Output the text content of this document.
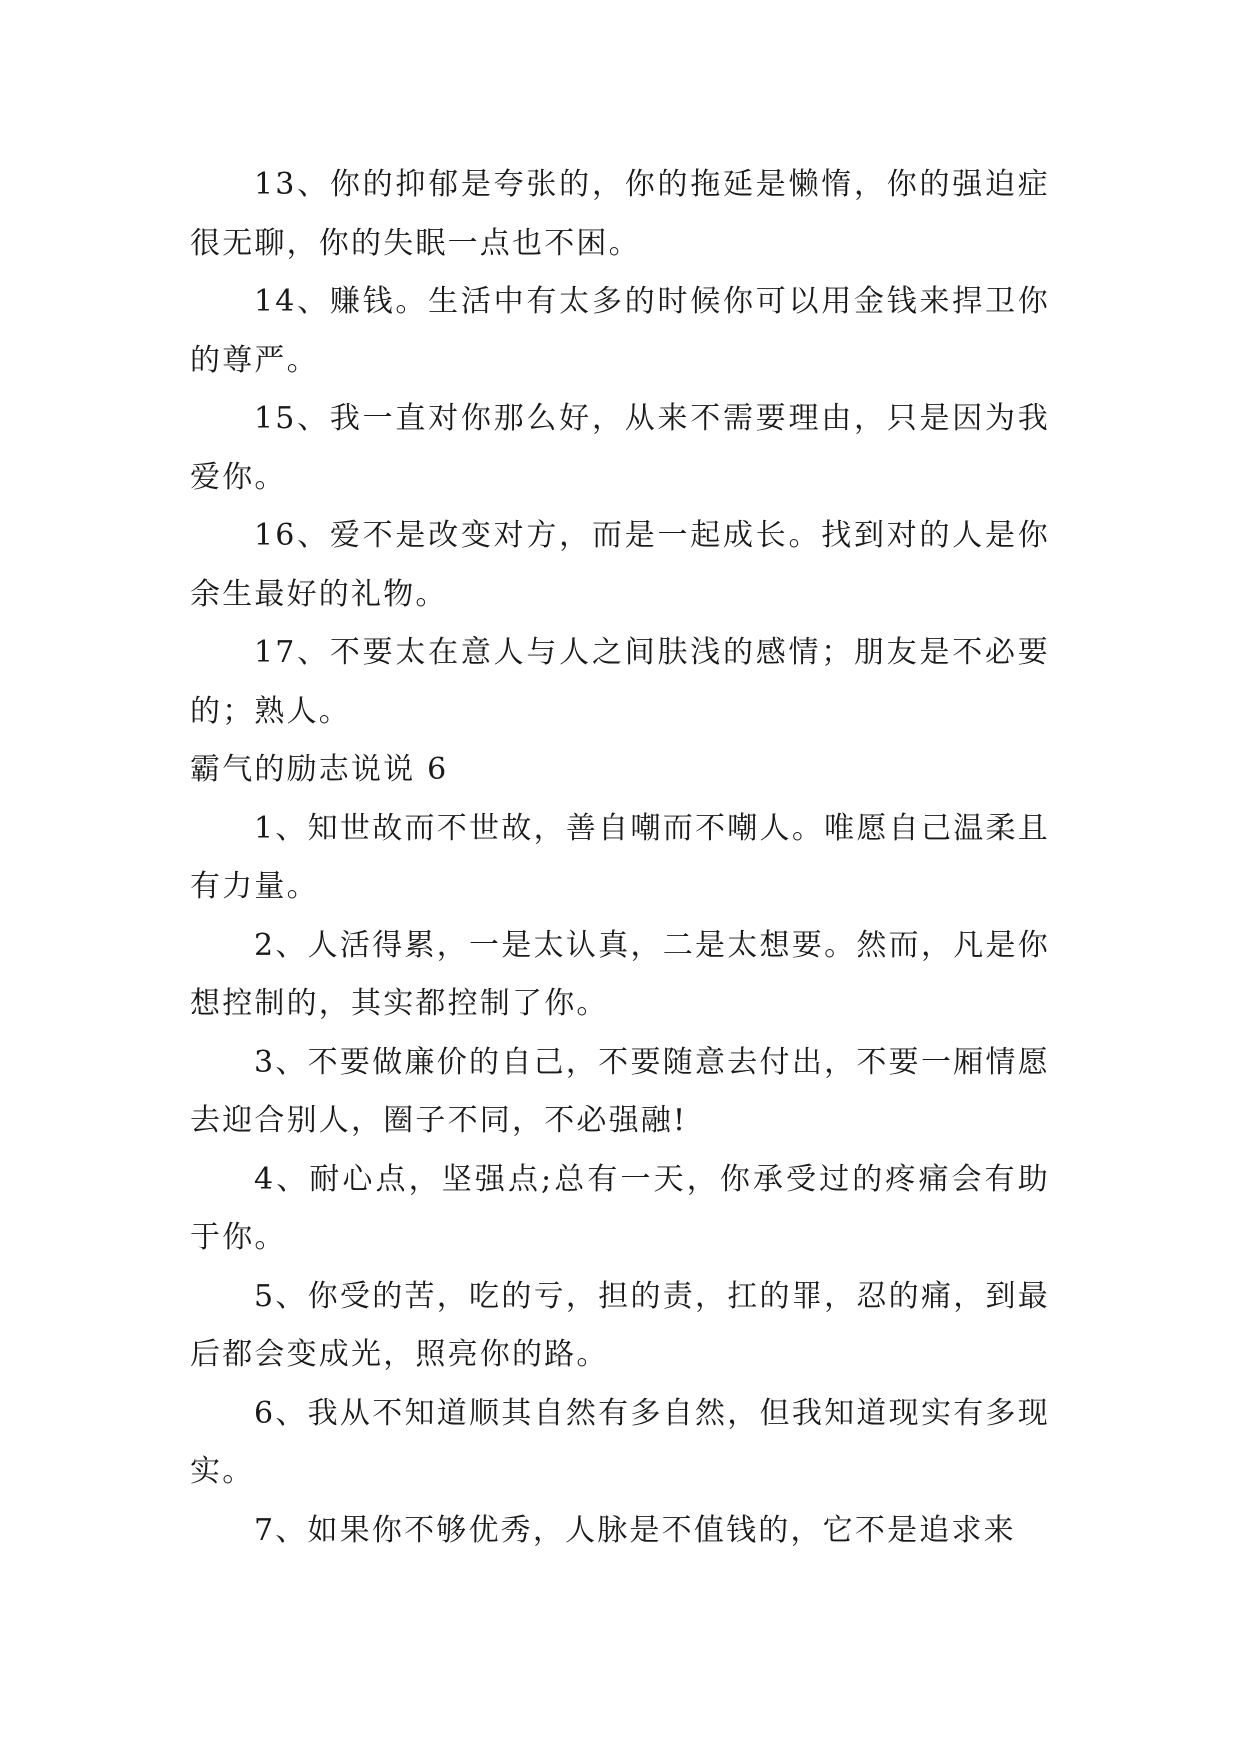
13、你的抑郁是夸张的，你的拖延是懒惰，你的强迫症很无聊，你的失眠一点也不困。

14、赚钱。生活中有太多的时候你可以用金钱来捍卫你的尊严。

15、我一直对你那么好，从来不需要理由，只是因为我爱你。

16、爱不是改变对方，而是一起成长。找到对的人是你余生最好的礼物。

17、不要太在意人与人之间肤浅的感情；朋友是不必要的；熟人。

霸气的励志说说 6

1、知世故而不世故，善自嘲而不嘲人。唯愿自己温柔且有力量。

2、人活得累，一是太认真，二是太想要。然而，凡是你想控制的，其实都控制了你。

3、不要做廉价的自己，不要随意去付出，不要一厢情愿去迎合别人，圈子不同，不必强融!

4、耐心点，坚强点;总有一天，你承受过的疼痛会有助于你。

5、你受的苦，吃的亏，担的责，扛的罪，忍的痛，到最后都会变成光，照亮你的路。

6、我从不知道顺其自然有多自然，但我知道现实有多现实。

7、如果你不够优秀，人脉是不值钱的，它不是追求来
